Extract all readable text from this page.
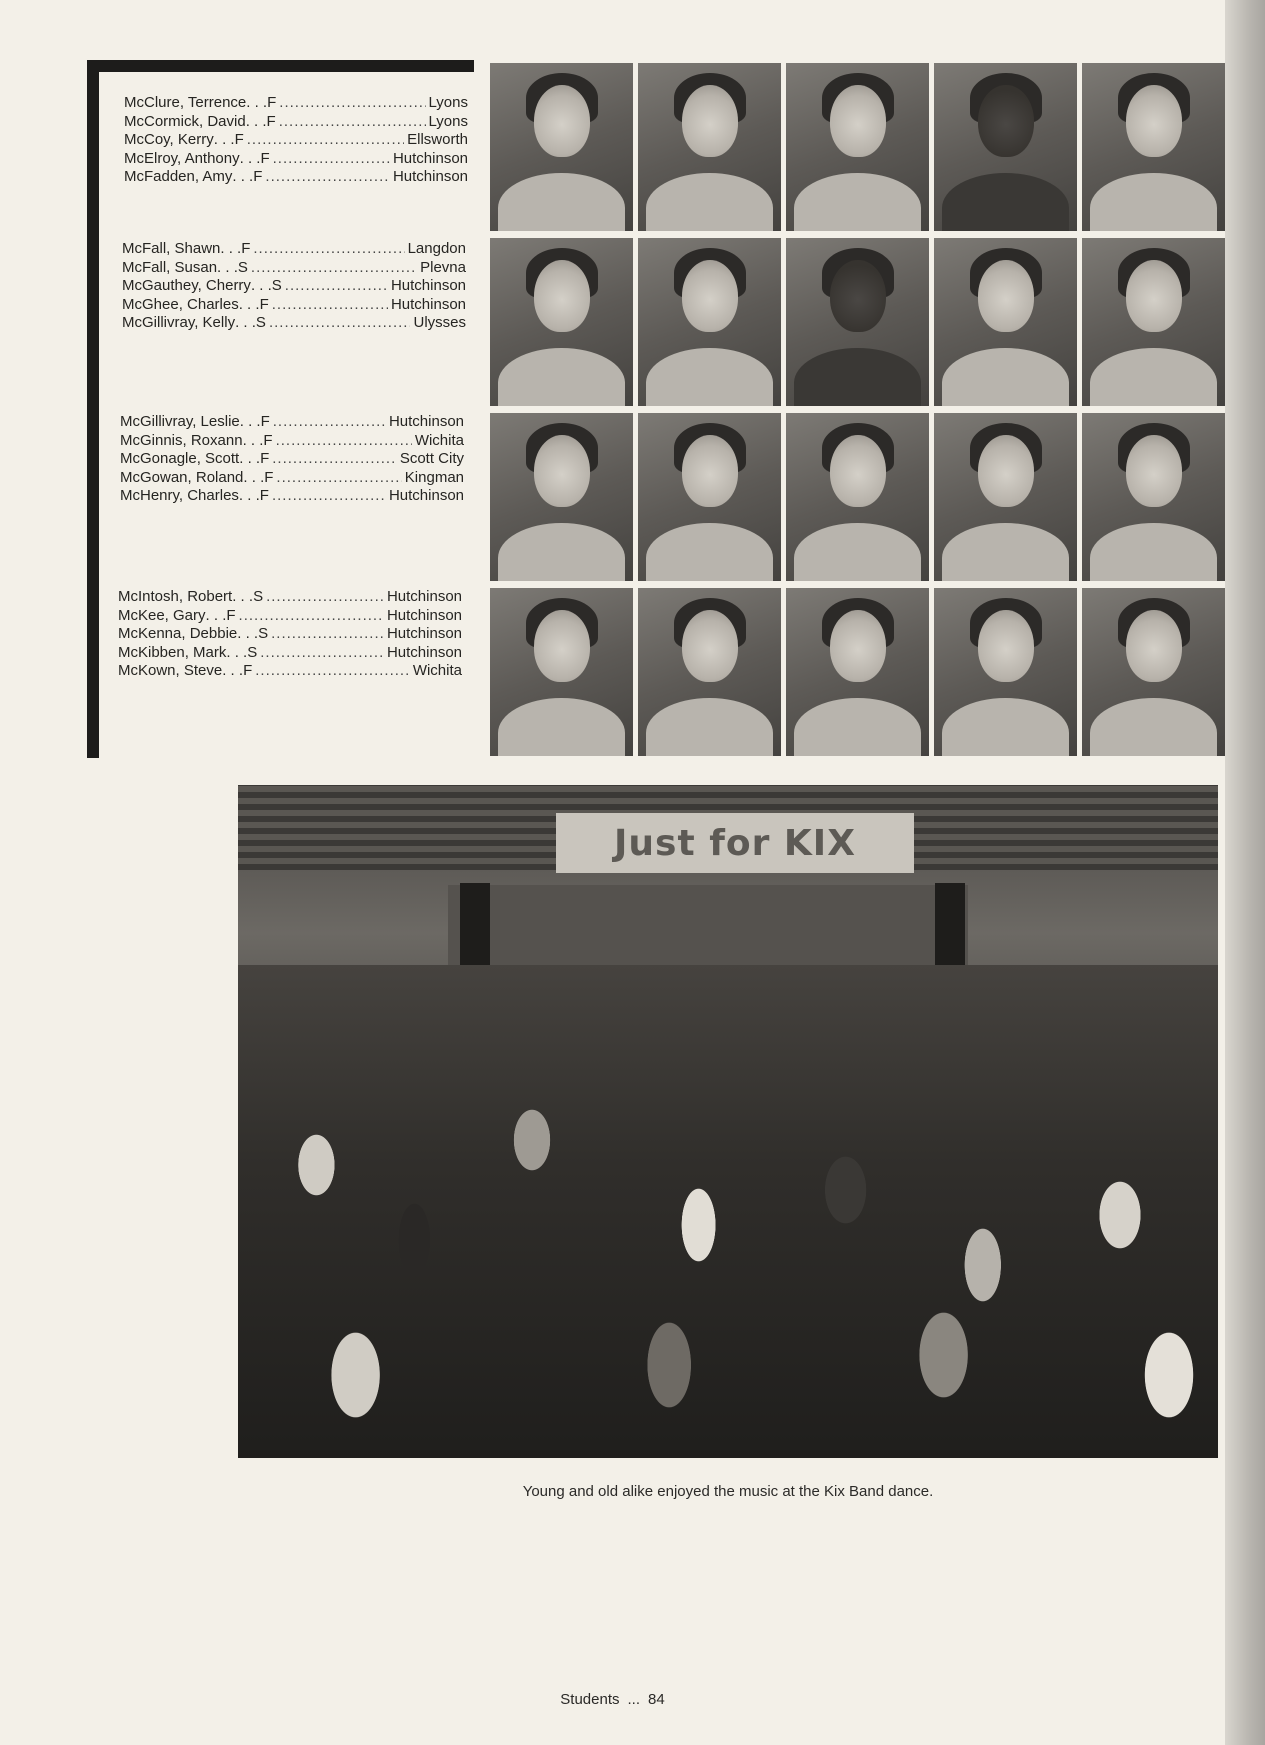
McClure, Terrence . . . F .....	Lyons
McCormick, David . . . F .....	Lyons
McCoy, Kerry . . . F .....	Ellsworth
McElroy, Anthony . . . F .....	Hutchinson
McFadden, Amy . . . F .....	Hutchinson
McFall, Shawn . . . F .....	Langdon
McFall, Susan . . . S .....	Plevna
McGauthey, Cherry . . . S .....	Hutchinson
McGhee, Charles . . . F .....	Hutchinson
McGillivray, Kelly . . . S .....	Ulysses
McGillivray, Leslie . . . F .....	Hutchinson
McGinnis, Roxann . . . F .....	Wichita
McGonagle, Scott . . . F .....	Scott City
McGowan, Roland . . . F .....	Kingman
McHenry, Charles . . . F .....	Hutchinson
McIntosh, Robert . . . S .....	Hutchinson
McKee, Gary . . . F .....	Hutchinson
McKenna, Debbie . . . S .....	Hutchinson
McKibben, Mark . . . S .....	Hutchinson
McKown, Steve . . . F .....	Wichita
Just for KIX
Young and old alike enjoyed the music at the Kix Band dance.
Students ... 84
